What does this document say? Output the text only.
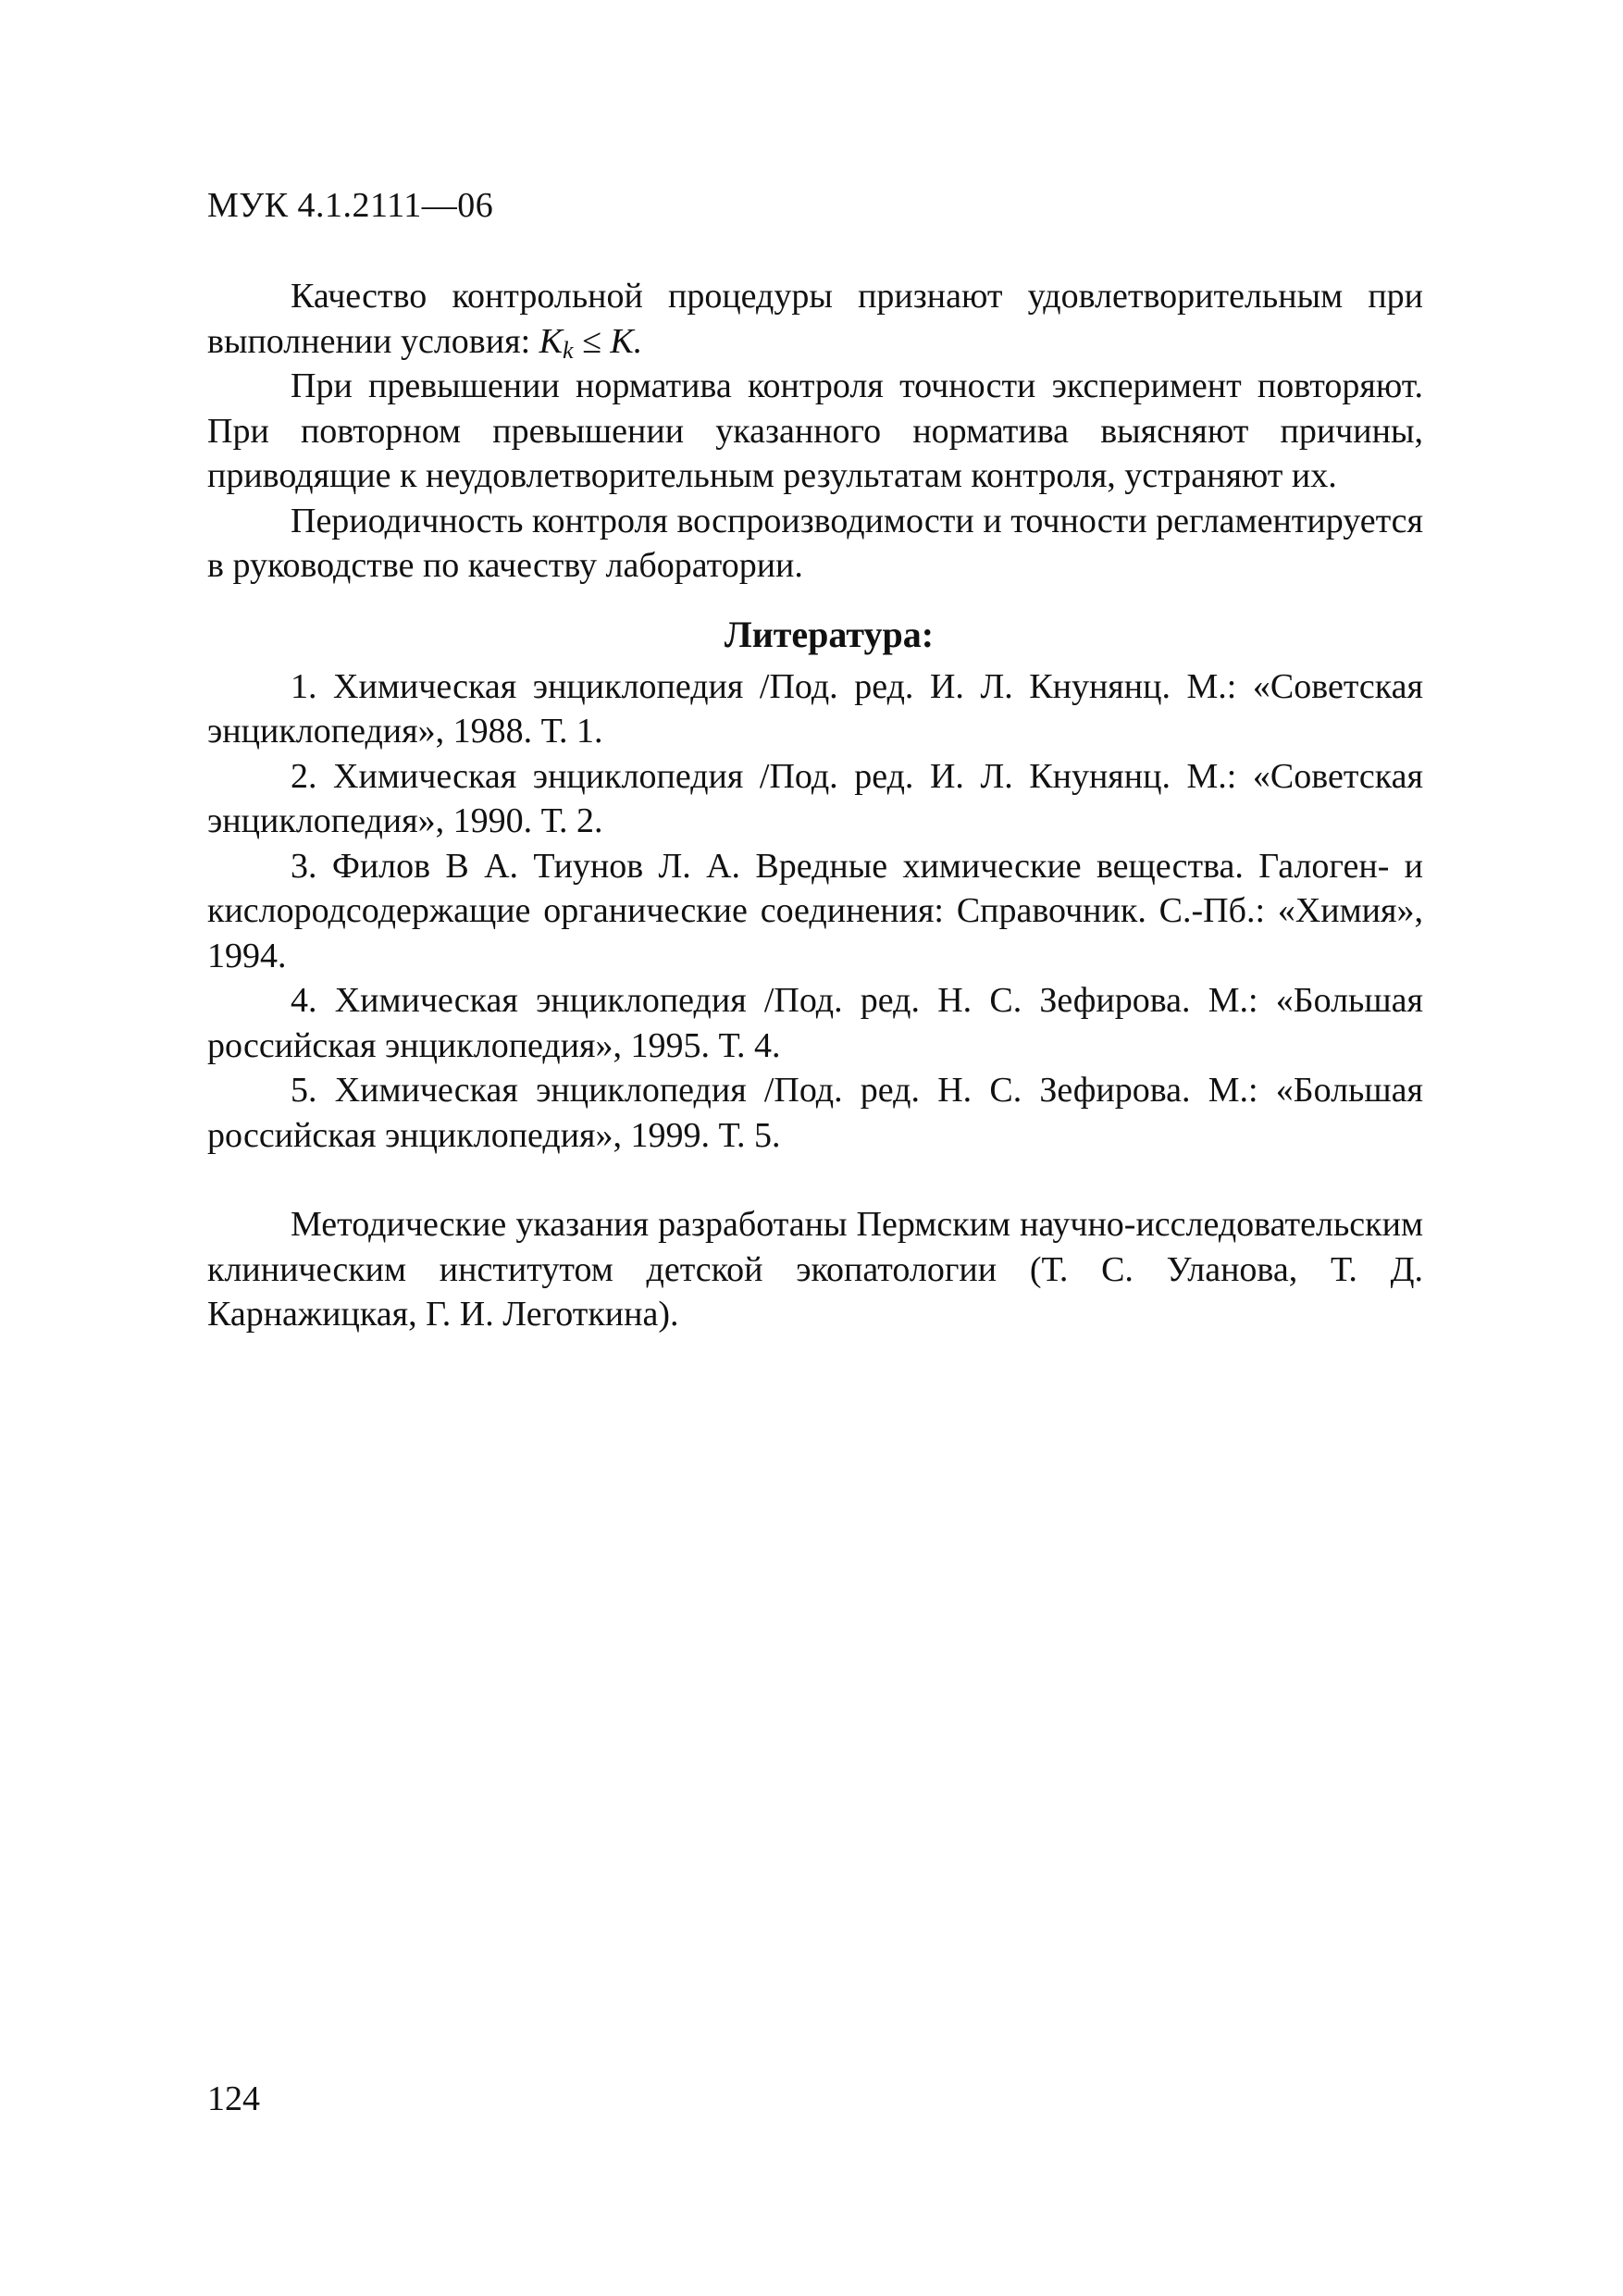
МУК 4.1.2111—06

Качество контрольной процедуры признают удовлетворительным при выполнении условия: $K_k \le K$.

При превышении норматива контроля точности эксперимент повторяют. При повторном превышении указанного норматива выясняют причины, приводящие к неудовлетворительным результатам контроля, устраняют их.

Периодичность контроля воспроизводимости и точности регламентируется в руководстве по качеству лаборатории.

Литература:
1. Химическая энциклопедия /Под. ред. И. Л. Кнунянц. М.: «Советская энциклопедия», 1988. Т. 1.
2. Химическая энциклопедия /Под. ред. И. Л. Кнунянц. М.: «Советская энциклопедия», 1990. Т. 2.
3. Филов В А. Тиунов Л. А. Вредные химические вещества. Галоген- и кислородсодержащие органические соединения: Справочник. С.-Пб.: «Химия», 1994.
4. Химическая энциклопедия /Под. ред. Н. С. Зефирова. М.: «Большая российская энциклопедия», 1995. Т. 4.
5. Химическая энциклопедия /Под. ред. Н. С. Зефирова. М.: «Большая российская энциклопедия», 1999. Т. 5.

Методические указания разработаны Пермским научно-исследовательским клиническим институтом детской экопатологии (Т. С. Уланова, Т. Д. Карнажицкая, Г. И. Леготкина).

124
